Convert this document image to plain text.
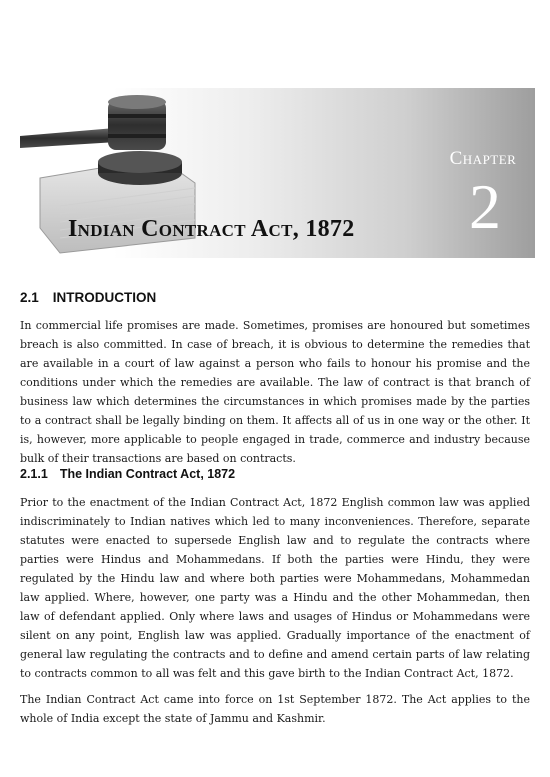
Chapter
2
Indian Contract Act, 1872
2.1 INTRODUCTION

In commercial life promises are made. Sometimes, promises are honoured but sometimes breach is also committed. In case of breach, it is obvious to determine the remedies that are available in a court of law against a person who fails to honour his promise and the conditions under which the remedies are available. The law of contract is that branch of business law which determines the circumstances in which promises made by the parties to a contract shall be legally binding on them. It affects all of us in one way or the other. It is, however, more applicable to people engaged in trade, commerce and industry because bulk of their transactions are based on contracts.

2.1.1 The Indian Contract Act, 1872

Prior to the enactment of the Indian Contract Act, 1872 English common law was applied indiscriminately to Indian natives which led to many inconveniences. Therefore, separate statutes were enacted to supersede English law and to regulate the contracts where parties were Hindus and Mohammedans. If both the parties were Hindu, they were regulated by the Hindu law and where both parties were Mohammedans, Mohammedan law applied. Where, however, one party was a Hindu and the other Mohammedan, then law of defendant applied. Only where laws and usages of Hindus or Mohammedans were silent on any point, English law was applied. Gradually importance of the enactment of general law regulating the contracts and to define and amend certain parts of law relating to contracts common to all was felt and this gave birth to the Indian Contract Act, 1872.

The Indian Contract Act came into force on 1st September 1872. The Act applies to the whole of India except the state of Jammu and Kashmir.
